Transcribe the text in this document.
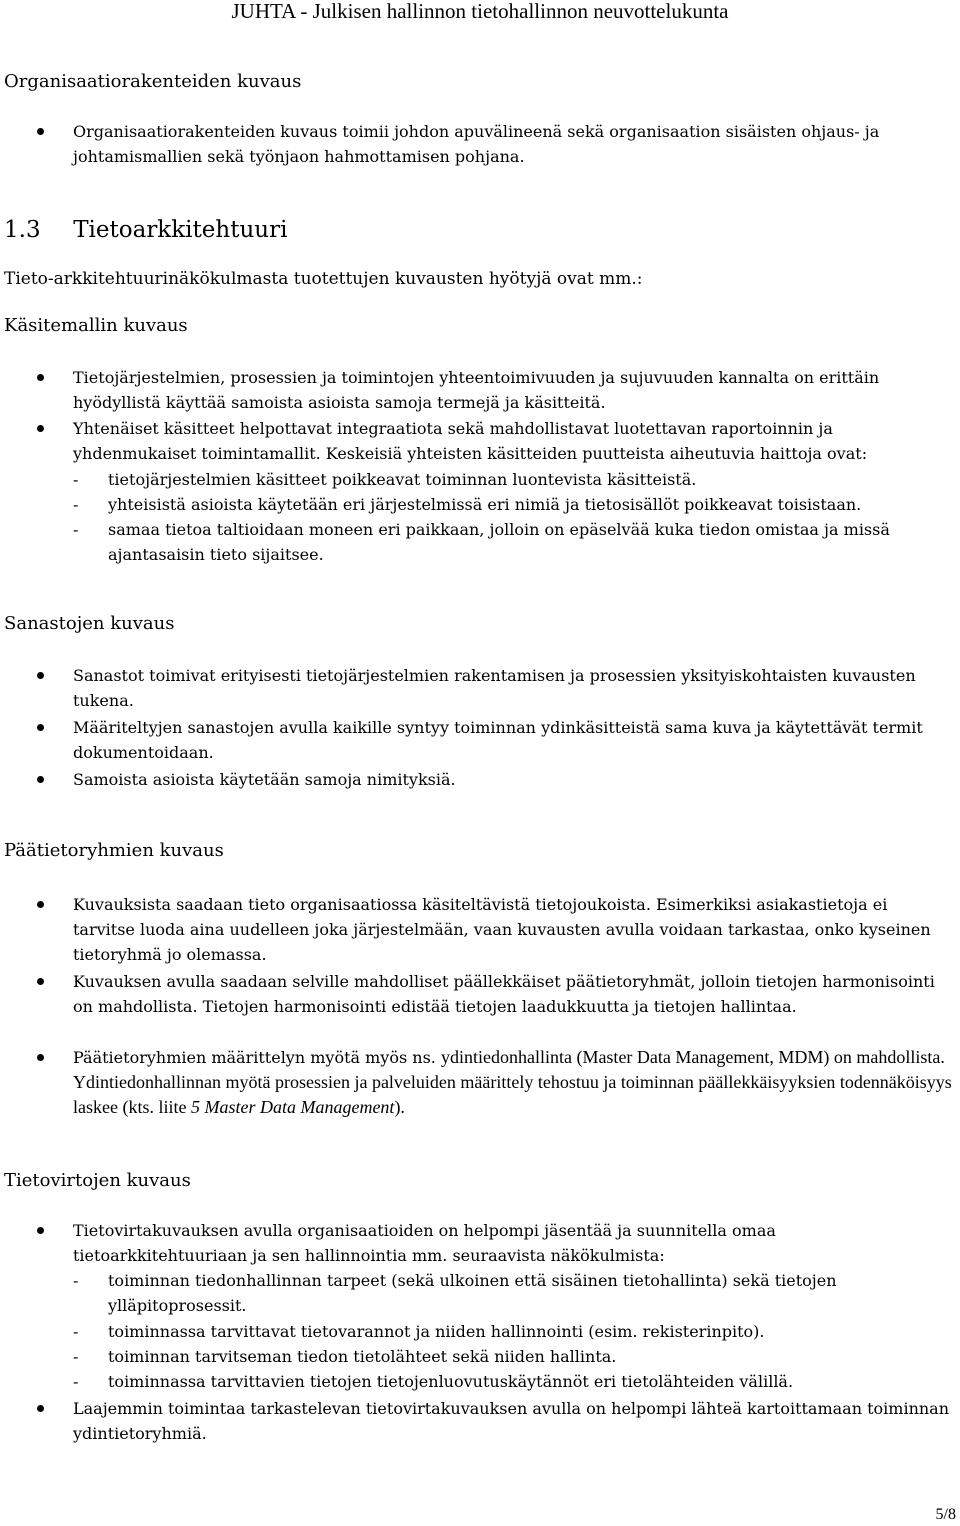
JUHTA - Julkisen hallinnon tietohallinnon neuvottelukunta
Organisaatiorakenteiden kuvaus
Organisaatiorakenteiden kuvaus toimii johdon apuvälineenä sekä organisaation sisäisten ohjaus- ja johtamismallien sekä työnjaon hahmottamisen pohjana.
1.3 Tietoarkkitehtuuri
Tieto-arkkitehtuurinäkökulmasta tuotettujen kuvausten hyötyjä ovat mm.:
Käsitemallin kuvaus
Tietojärjestelmien, prosessien ja toimintojen yhteentoimivuuden ja sujuvuuden kannalta on erittäin hyödyllistä käyttää samoista asioista samoja termejä ja käsitteitä.
Yhtenäiset käsitteet helpottavat integraatiota sekä mahdollistavat luotettavan raportoinnin ja yhdenmukaiset toimintamallit. Keskeisiä yhteisten käsitteiden puutteista aiheutuvia haittoja ovat:
-	tietojärjestelmien käsitteet poikkeavat toiminnan luontevista käsitteistä.
-	yhteisistä asioista käytetään eri järjestelmissä eri nimiä ja tietosisällöt poikkeavat toisistaan.
-	samaa tietoa taltioidaan moneen eri paikkaan, jolloin on epäselvää kuka tiedon omistaa ja missä ajantasaisin tieto sijaitsee.
Sanastojen kuvaus
Sanastot toimivat erityisesti tietojärjestelmien rakentamisen ja prosessien yksityiskohtaisten kuvausten tukena.
Määriteltyjen sanastojen avulla kaikille syntyy toiminnan ydinkäsitteistä sama kuva ja käytettävät termit dokumentoidaan.
Samoista asioista käytetään samoja nimityksiä.
Päätietoryhmien kuvaus
Kuvauksista saadaan tieto organisaatiossa käsiteltävistä tietojoukoista. Esimerkiksi asiakastietoja ei tarvitse luoda aina uudelleen joka järjestelmään, vaan kuvausten avulla voidaan tarkastaa, onko kyseinen tietoryhmä jo olemassa.
Kuvauksen avulla saadaan selville mahdolliset päällekkäiset päätietoryhmät, jolloin tietojen harmonisointi on mahdollista. Tietojen harmonisointi edistää tietojen laadukkuutta ja tietojen hallintaa.
Päätietoryhmien määrittelyn myötä myös ns. ydintiedonhallinta (Master Data Management, MDM) on mahdollista. Ydintiedonhallinnan myötä prosessien ja palveluiden määrittely tehostuu ja toiminnan päällekkäisyyksien todennäköisyys laskee (kts. liite 5 Master Data Management).
Tietovirtojen kuvaus
Tietovirtakuvauksen avulla organisaatioiden on helpompi jäsentää ja suunnitella omaa tietoarkkitehtuuriaan ja sen hallinnointia mm. seuraavista näkökulmista:
-	toiminnan tiedonhallinnan tarpeet (sekä ulkoinen että sisäinen tietohallinta) sekä tietojen ylläpitoprosessit.
-	toiminnassa tarvittavat tietovarannot ja niiden hallinnointi (esim. rekisterinpito).
-	toiminnan tarvitseman tiedon tietolähteet sekä niiden hallinta.
-	toiminnassa tarvittavien tietojen tietojenluovutuskäytännöt eri tietolähteiden välillä.
Laajemmin toimintaa tarkastelevan tietovirtakuvauksen avulla on helpompi lähteä kartoittamaan toiminnan ydintietoryhmiä.
5/8
